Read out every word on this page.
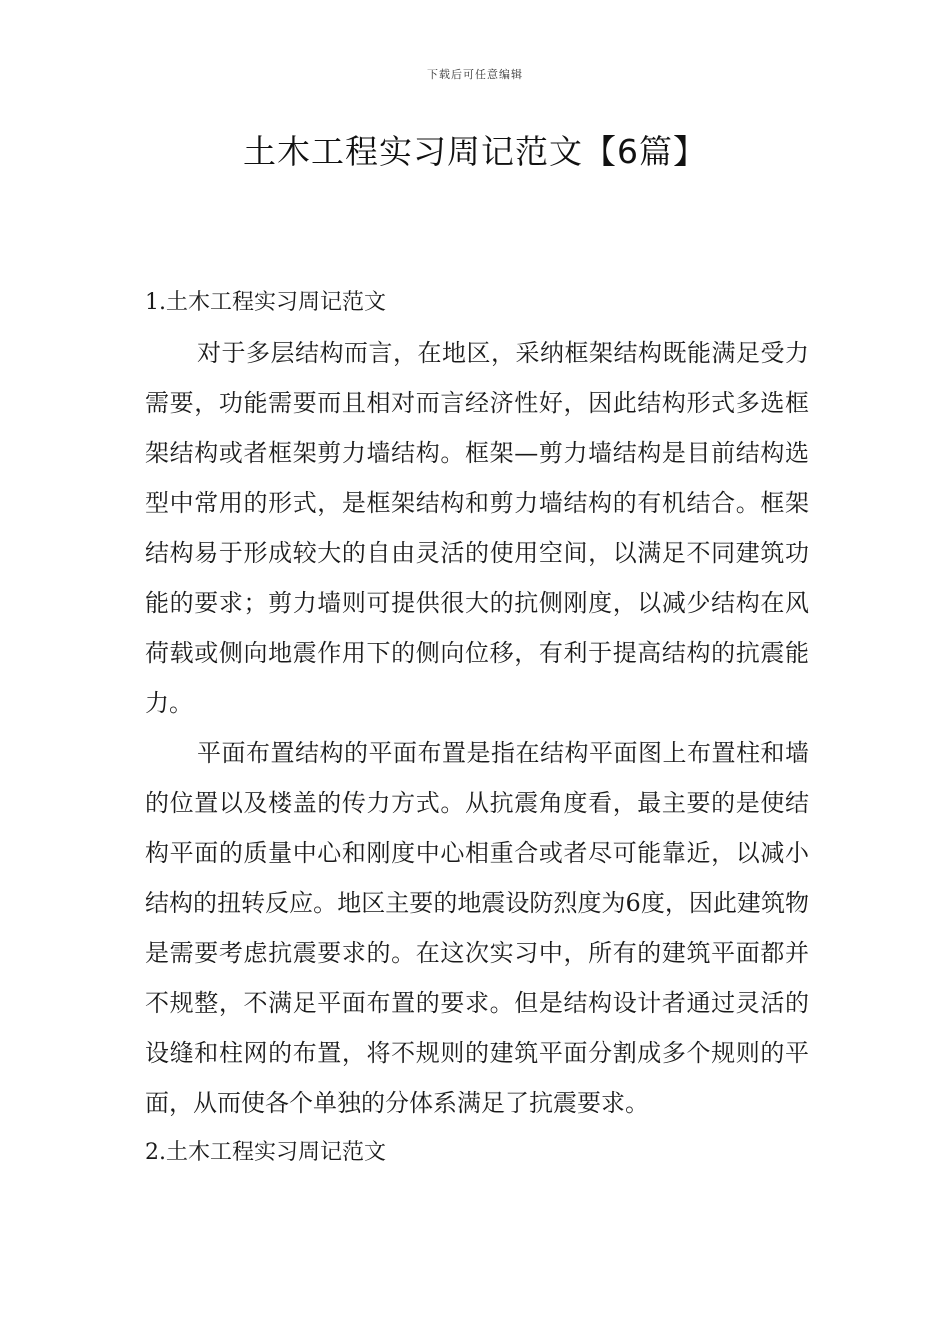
下载后可任意编辑
土木工程实习周记范文【6篇】
1.土木工程实习周记范文

对于多层结构而言，在地区，采纳框架结构既能满足受力需要，功能需要而且相对而言经济性好，因此结构形式多选框架结构或者框架剪力墙结构。框架—剪力墙结构是目前结构选型中常用的形式，是框架结构和剪力墙结构的有机结合。框架结构易于形成较大的自由灵活的使用空间，以满足不同建筑功能的要求；剪力墙则可提供很大的抗侧刚度，以减少结构在风荷载或侧向地震作用下的侧向位移，有利于提高结构的抗震能力。

平面布置结构的平面布置是指在结构平面图上布置柱和墙的位置以及楼盖的传力方式。从抗震角度看，最主要的是使结构平面的质量中心和刚度中心相重合或者尽可能靠近，以减小结构的扭转反应。地区主要的地震设防烈度为6度，因此建筑物是需要考虑抗震要求的。在这次实习中，所有的建筑平面都并不规整，不满足平面布置的要求。但是结构设计者通过灵活的设缝和柱网的布置，将不规则的建筑平面分割成多个规则的平面，从而使各个单独的分体系满足了抗震要求。

2.土木工程实习周记范文
